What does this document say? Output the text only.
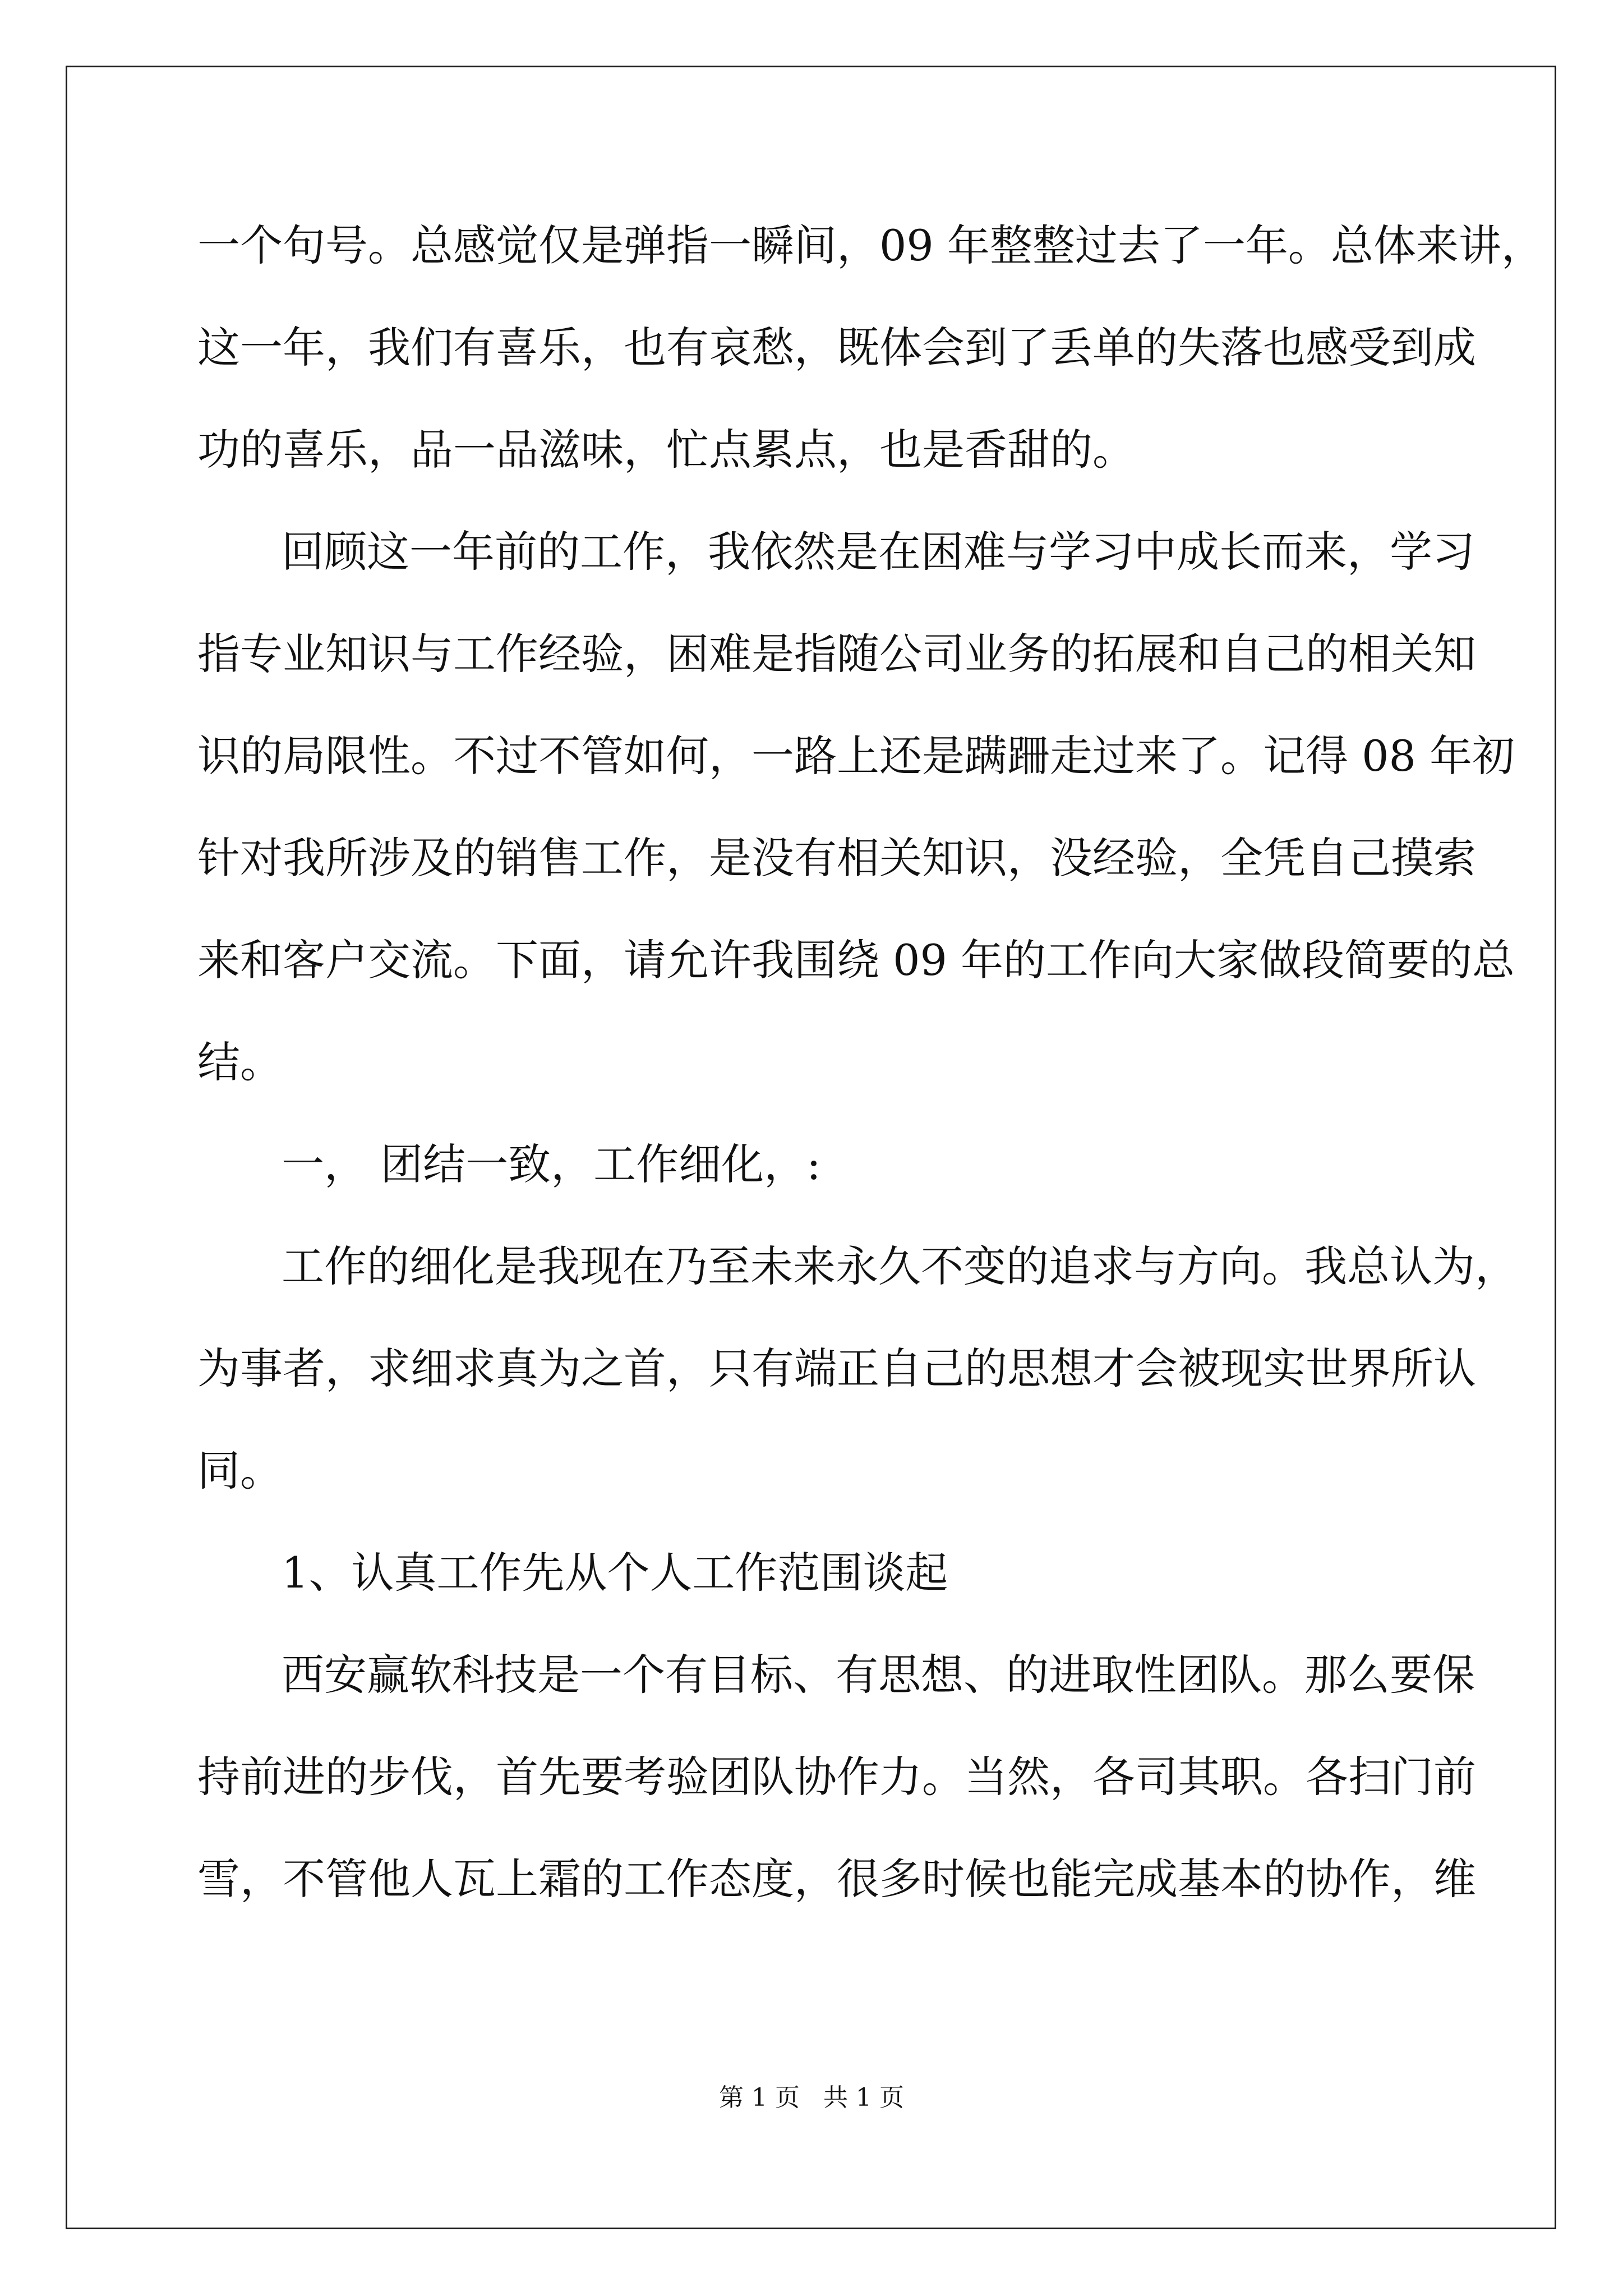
一个句号。总感觉仅是弹指一瞬间，09 年整整过去了一年。总体来讲，
这一年，我们有喜乐，也有哀愁，既体会到了丢单的失落也感受到成
功的喜乐，品一品滋味，忙点累点，也是香甜的。
回顾这一年前的工作，我依然是在困难与学习中成长而来，学习
指专业知识与工作经验，困难是指随公司业务的拓展和自己的相关知
识的局限性。不过不管如何，一路上还是蹒跚走过来了。记得 08 年初
针对我所涉及的销售工作，是没有相关知识，没经验，全凭自己摸索
来和客户交流。下面，请允许我围绕 09 年的工作向大家做段简要的总
结。
一， 团结一致，工作细化，:
工作的细化是我现在乃至未来永久不变的追求与方向。我总认为，
为事者，求细求真为之首，只有端正自己的思想才会被现实世界所认
同。
1、认真工作先从个人工作范围谈起
西安赢软科技是一个有目标、有思想、的进取性团队。那么要保
持前进的步伐，首先要考验团队协作力。当然，各司其职。各扫门前
雪，不管他人瓦上霜的工作态度，很多时候也能完成基本的协作，维
第 1 页   共 1 页
